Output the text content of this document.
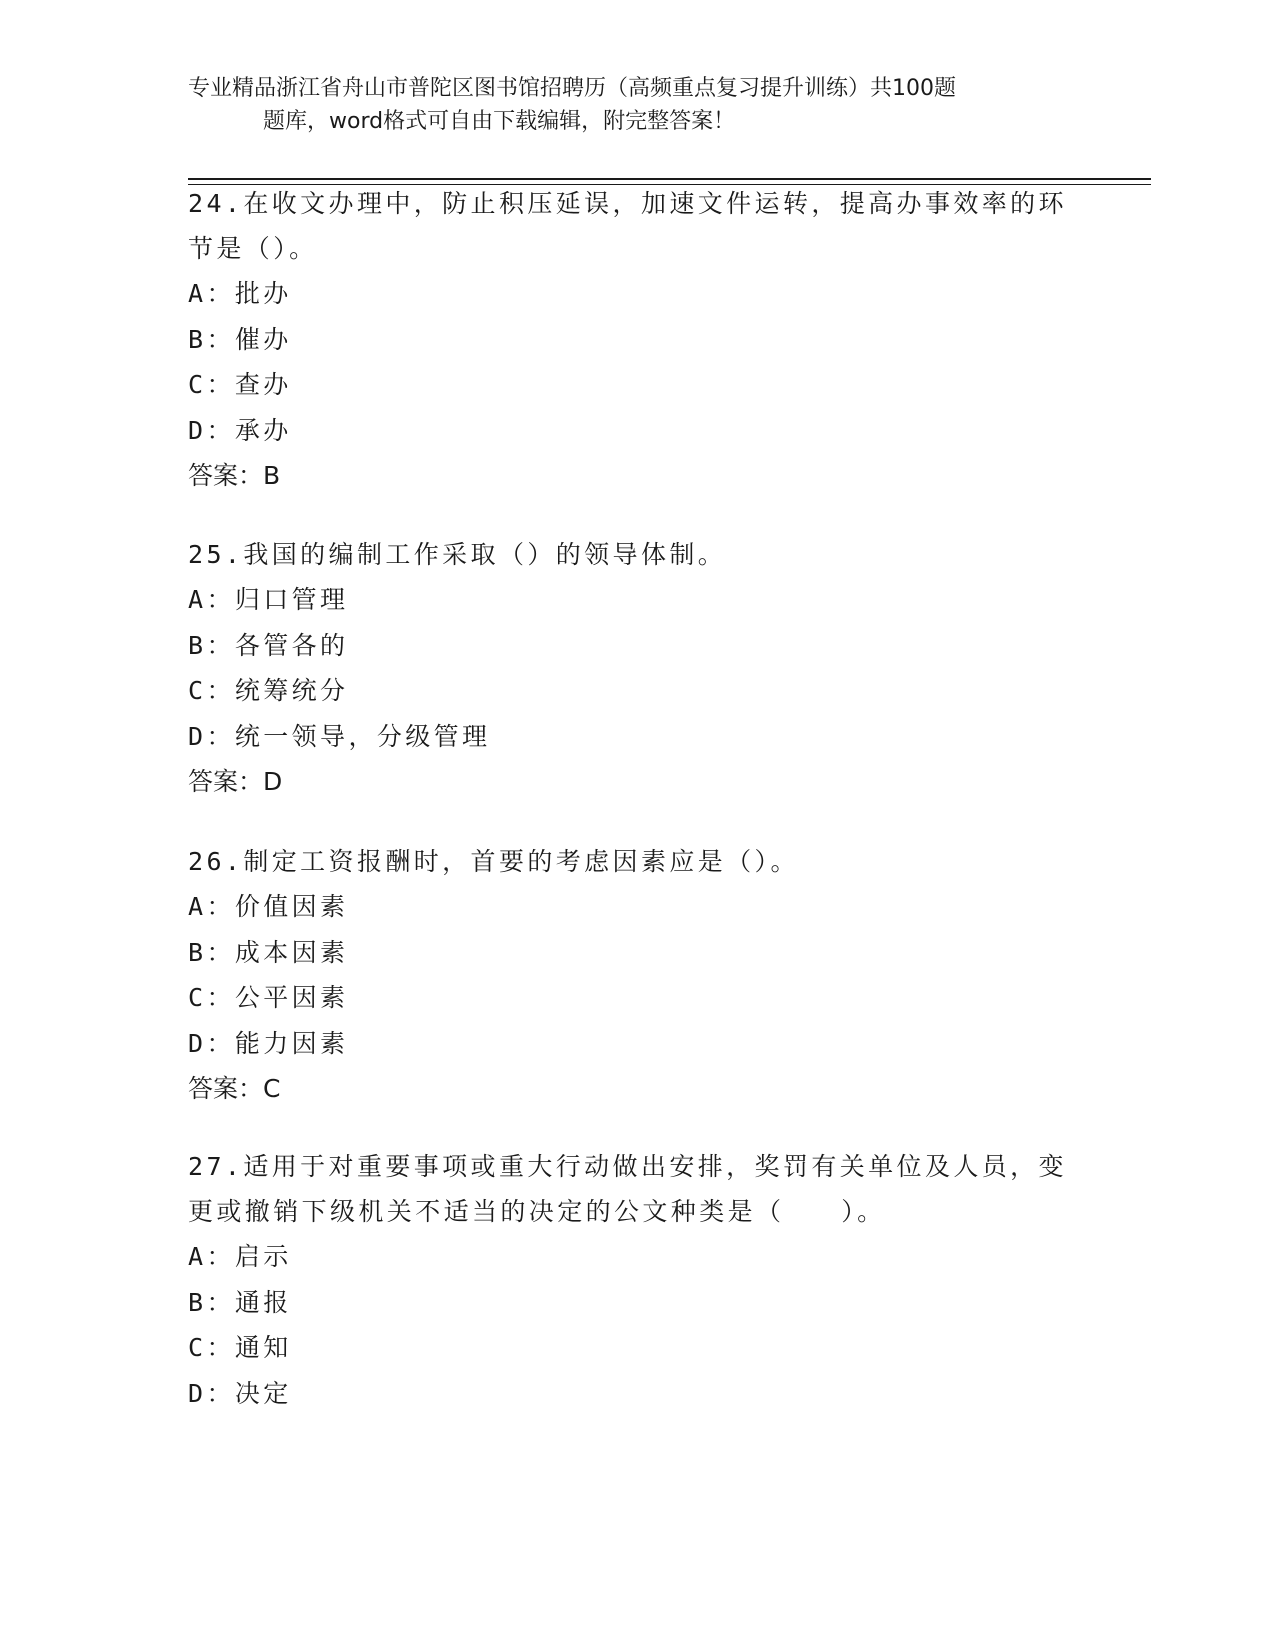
专业精品浙江省舟山市普陀区图书馆招聘历（高频重点复习提升训练）共100题
题库，word格式可自由下载编辑，附完整答案！
24.在收文办理中，防止积压延误，加速文件运转，提高办事效率的环
节是（）。
A：批办
B：催办
C：查办
D：承办
答案：B
25.我国的编制工作采取（）的领导体制。
A：归口管理
B：各管各的
C：统筹统分
D：统一领导，分级管理
答案：D
26.制定工资报酬时，首要的考虑因素应是（）。
A：价值因素
B：成本因素
C：公平因素
D：能力因素
答案：C
27.适用于对重要事项或重大行动做出安排，奖罚有关单位及人员，变
更或撤销下级机关不适当的决定的公文种类是（　　）。
A：启示
B：通报
C：通知
D：决定
